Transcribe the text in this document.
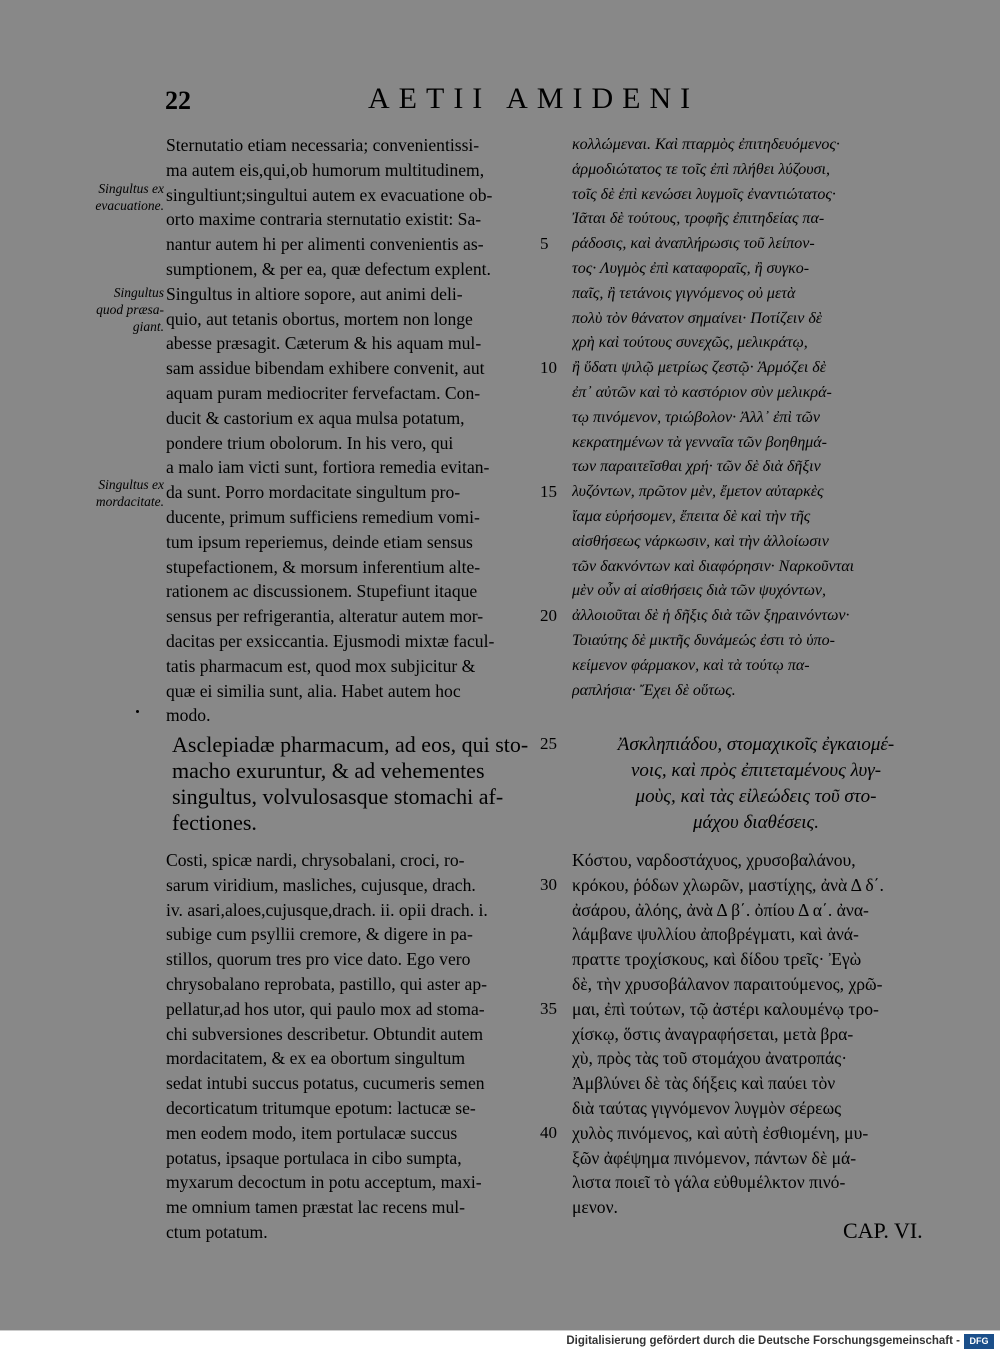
22	AETII AMIDENI
Singultus ex
evacuatione.
Singultus
quod præsa-
giant.
Singultus ex
mordacitate.
Sternutatio etiam necessaria; convenientissi-
ma autem eis,qui,ob humorum multitudinem,
singultiunt;singultui autem ex evacuatione ob-
orto maxime contraria sternutatio existit: Sa-
nantur autem hi per alimenti convenientis as-
sumptionem, & per ea, quæ defectum explent.
Singultus in altiore sopore, aut animi deli-
quio, aut tetanis obortus, mortem non longe
abesse præsagit. Cæterum & his aquam mul-
sam assidue bibendam exhibere convenit, aut
aquam puram mediocriter fervefactam. Con-
ducit & castorium ex aqua mulsa potatum,
pondere trium obolorum. In his vero, qui
a malo iam victi sunt, fortiora remedia evitan-
da sunt. Porro mordacitate singultum pro-
ducente, primum sufficiens remedium vomi-
tum ipsum reperiemus, deinde etiam sensus
stupefactionem, & morsum inferentium alte-
rationem ac discussionem. Stupefiunt itaque
sensus per refrigerantia, alteratur autem mor-
dacitas per exsiccantia. Ejusmodi mixtæ facul-
tatis pharmacum est, quod mox subjicitur &
quæ ei similia sunt, alia. Habet autem hoc
modo.
κολλώμεναι. Καὶ πταρμὸς ἐπιτηδευόμενος·
ἁρμοδιώτατος τε τοῖς ἐπὶ πλήθει λύζουσι,
τοῖς δὲ ἐπὶ κενώσει λυγμοῖς ἐναντιώτατος·
Ἰᾶται δὲ τούτους, τροφῆς ἐπιτηδείας πα-
ράδοσις, καὶ ἀναπλήρωσις τοῦ λείπον-
τος· Λυγμὸς ἐπὶ καταφοραῖς, ἢ συγκο-
παῖς, ἢ τετάνοις γιγνόμενος οὐ μετὰ
πολὺ τὸν θάνατον σημαίνει· Ποτίζειν δὲ
χρὴ καὶ τούτους συνεχῶς, μελικράτῳ,
ἢ ὕδατι ψιλῷ μετρίως ζεστῷ· Ἁρμόζει δὲ
ἐπ᾽ αὐτῶν καὶ τὸ καστόριον σὺν μελικρά-
τῳ πινόμενον, τριώβολον· Ἀλλ᾽ ἐπὶ τῶν
κεκρατημένων τὰ γενναῖα τῶν βοηθημά-
των παραιτεῖσθαι χρή· τῶν δὲ διὰ δῆξιν
λυζόντων, πρῶτον μὲν, ἔμετον αὐταρκὲς
ἴαμα εὑρήσομεν, ἔπειτα δὲ καὶ τὴν τῆς
αἰσθήσεως νάρκωσιν, καὶ τὴν ἀλλοίωσιν
τῶν δακνόντων καὶ διαφόρησιν· Ναρκοῦνται
μὲν οὖν αἱ αἰσθήσεις διὰ τῶν ψυχόντων,
ἀλλοιοῦται δὲ ἡ δῆξις διὰ τῶν ξηραινόντων·
Τοιαύτης δὲ μικτῆς δυνάμεώς ἐστι τὸ ὑπο-
κείμενον φάρμακον, καὶ τὰ τούτῳ πα-
ραπλήσια· Ἔχει δὲ οὕτως.
5
10
15
20
25
30
35
40
Asclepiadæ pharmacum, ad eos, qui sto-
macho exuruntur, & ad vehementes
singultus, volvulosasque stomachi af-
fectiones.
Ἀσκληπιάδου, στομαχικοῖς ἐγκαιομέ-
νοις, καὶ πρὸς ἐπιτεταμένους λυγ-
μοὺς, καὶ τὰς εἰλεώδεις τοῦ στο-
μάχου διαθέσεις.
Costi, spicæ nardi, chrysobalani, croci, ro-
sarum viridium, masliches, cujusque, drach.
iv. asari,aloes,cujusque,drach. ii. opii drach. i.
subige cum psyllii cremore, & digere in pa-
stillos, quorum tres pro vice dato. Ego vero
chrysobalano reprobata, pastillo, qui aster ap-
pellatur,ad hos utor, qui paulo mox ad stoma-
chi subversiones describetur. Obtundit autem
mordacitatem, & ex ea obortum singultum
sedat intubi succus potatus, cucumeris semen
decorticatum tritumque epotum: lactucæ se-
men eodem modo, item portulacæ succus
potatus, ipsaque portulaca in cibo sumpta,
myxarum decoctum in potu acceptum, maxi-
me omnium tamen præstat lac recens mul-
ctum potatum.
Κόστου, ναρδοστάχυος, χρυσοβαλάνου,
κρόκου, ῥόδων χλωρῶν, μαστίχης, ἀνὰ Δ δ΄.
ἀσάρου, ἀλόης, ἀνὰ Δ β΄. ὀπίου Δ α΄. ἀνα-
λάμβανε ψυλλίου ἀποβρέγματι, καὶ ἀνά-
πραττε τροχίσκους, καὶ δίδου τρεῖς· Ἐγὼ
δὲ, τὴν χρυσοβάλανον παραιτούμενος, χρῶ-
μαι, ἐπὶ τούτων, τῷ ἀστέρι καλουμένῳ τρο-
χίσκῳ, ὅστις ἀναγραφήσεται, μετὰ βρα-
χὺ, πρὸς τὰς τοῦ στομάχου ἀνατροπάς·
Ἀμβλύνει δὲ τὰς δήξεις καὶ παύει τὸν
διὰ ταύτας γιγνόμενον λυγμὸν σέρεως
χυλὸς πινόμενος, καὶ αὐτὴ ἐσθιομένη, μυ-
ξῶν ἀφέψημα πινόμενον, πάντων δὲ μά-
λιστα ποιεῖ τὸ γάλα εὐθυμέλκτον πινό-
μενον.
CAP. VI.
Digitalisierung gefördert durch die Deutsche Forschungsgemeinschaft -	DFG
